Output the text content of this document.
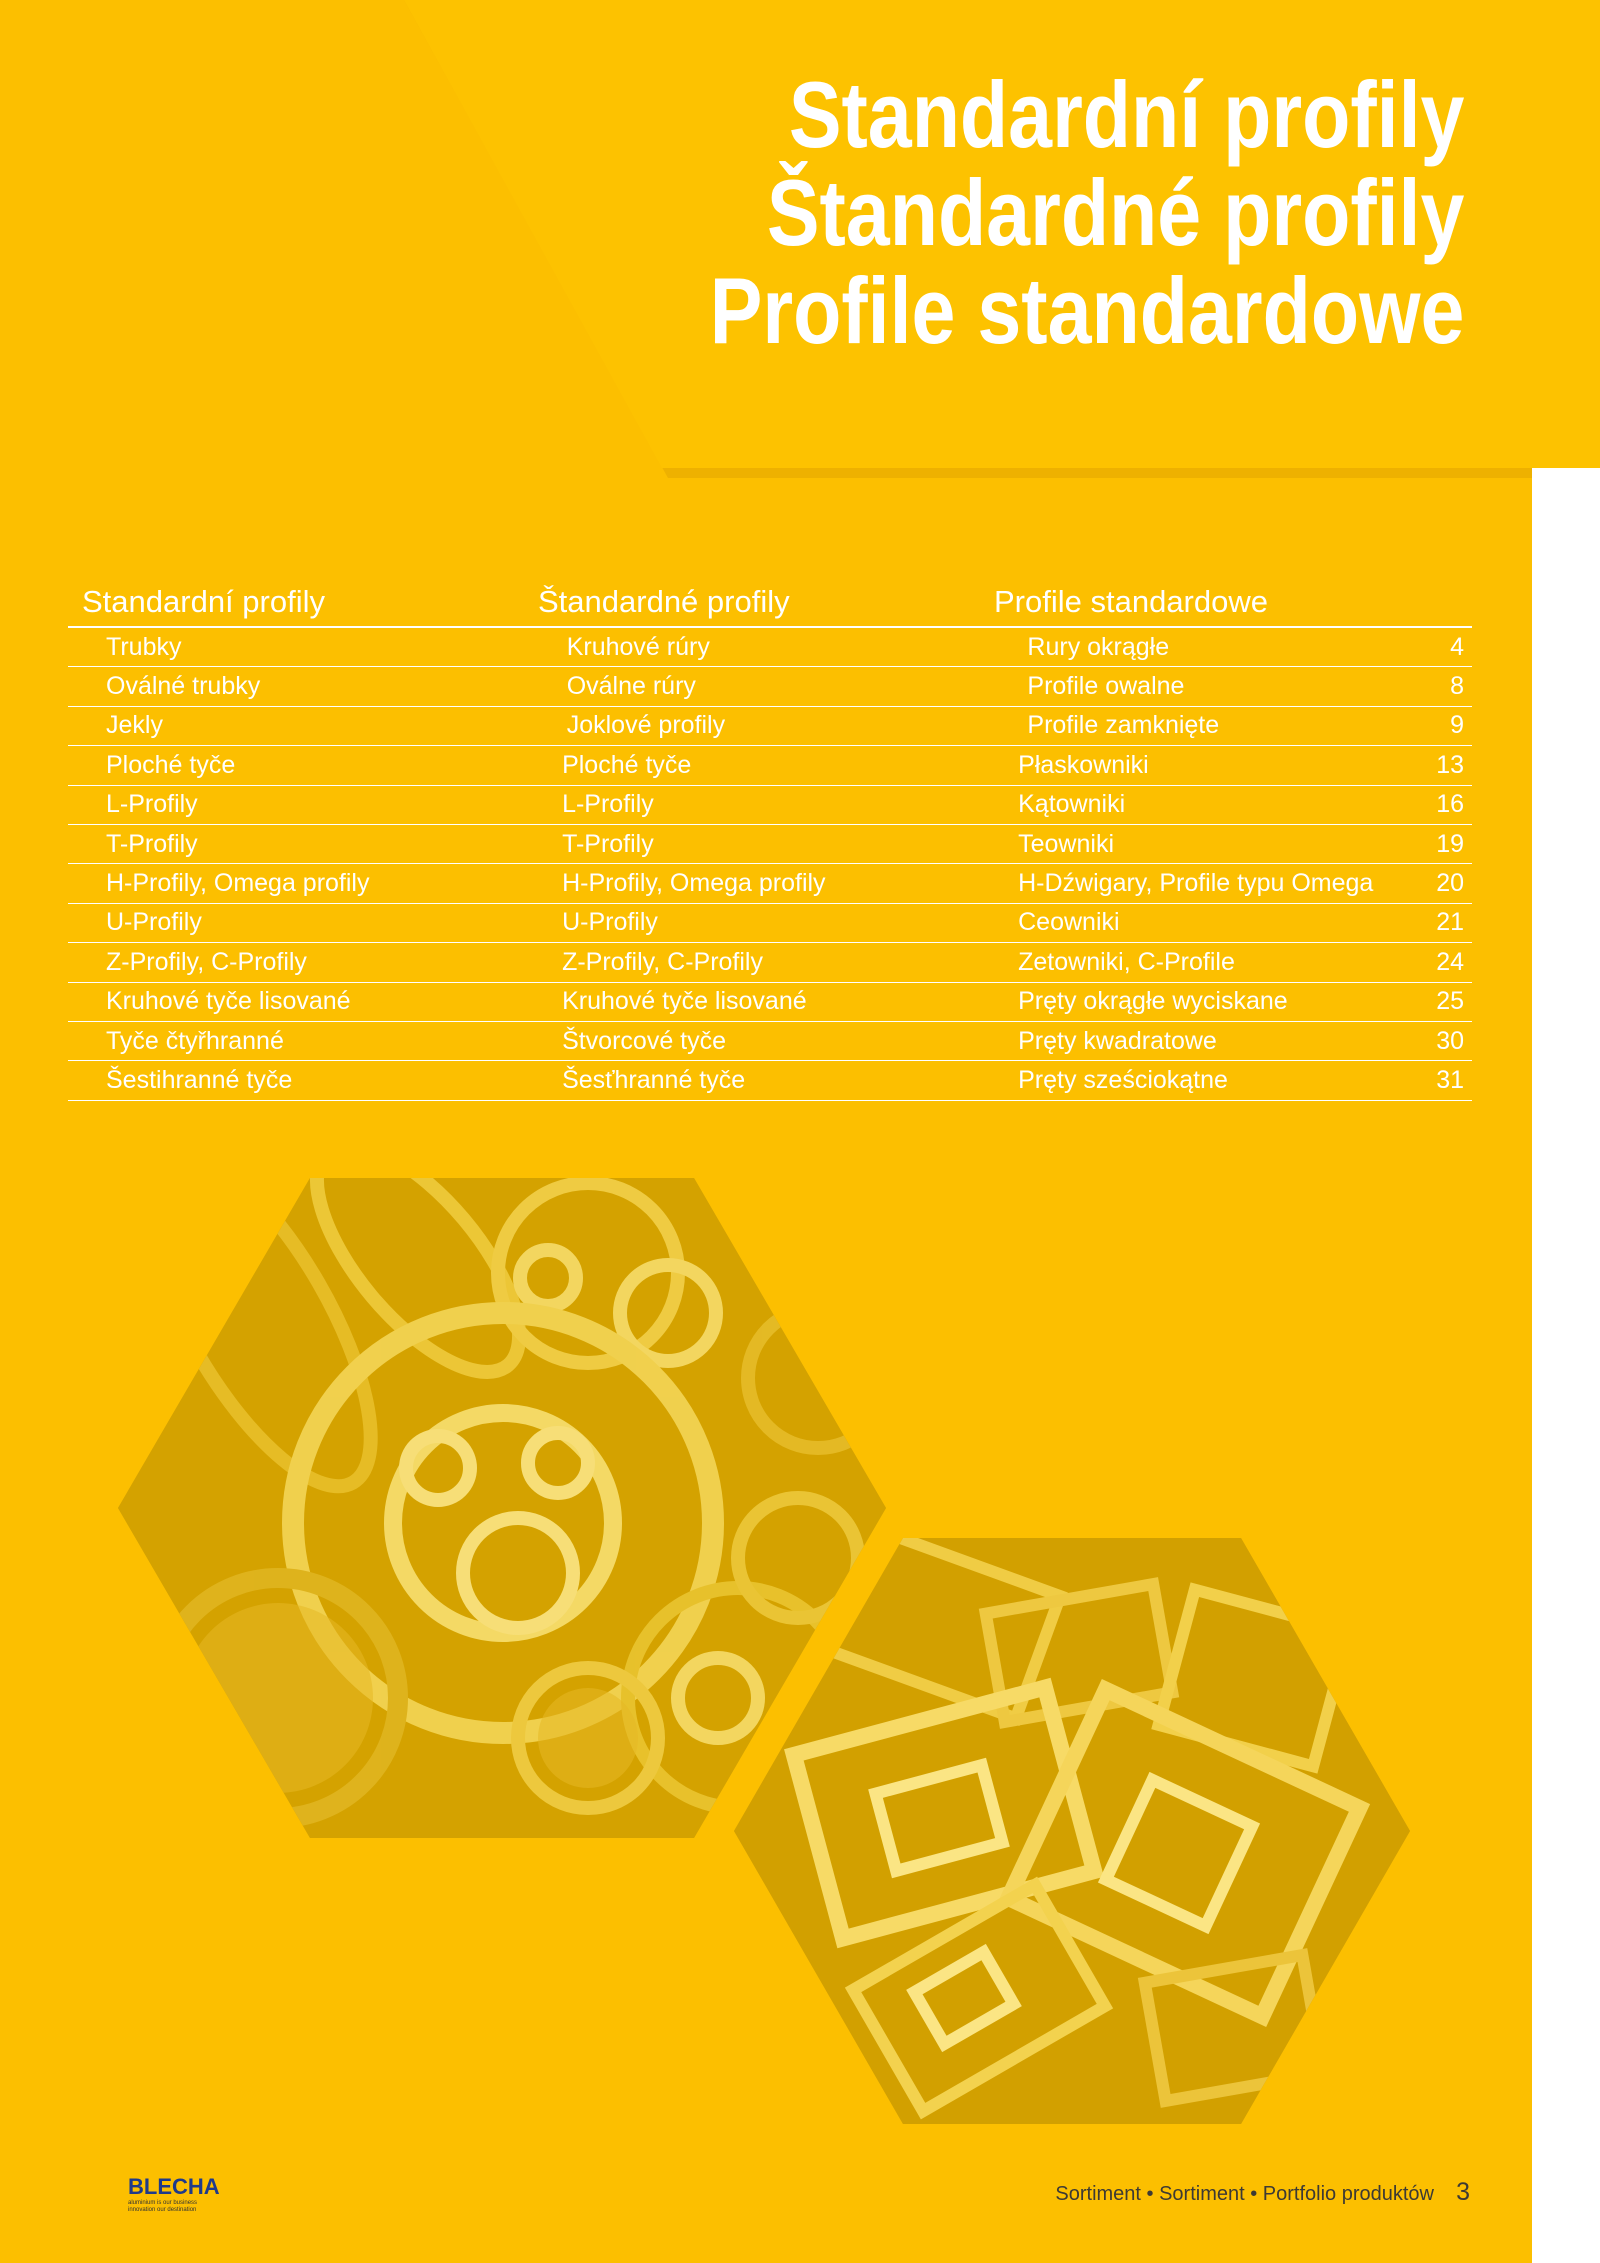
Standardní profily
Štandardné profily
Profile standardowe
Standardní profily	Štandardné profily	Profile standardowe
Trubky	Kruhové rúry	Rury okrągłe	4
Oválné trubky	Oválne rúry	Profile owalne	8
Jekly	Joklové profily	Profile zamknięte	9
Ploché tyče	Ploché tyče	Płaskowniki	13
L-Profily	L-Profily	Kątowniki	16
T-Profily	T-Profily	Teowniki	19
H-Profily, Omega profily	H-Profily, Omega profily	H-Dźwigary, Profile typu Omega	20
U-Profily	U-Profily	Ceowniki	21
Z-Profily, C-Profily	Z-Profily, C-Profily	Zetowniki, C-Profile	24
Kruhové tyče lisované	Kruhové tyče lisované	Pręty okrągłe wyciskane	25
Tyče čtyřhranné	Štvorcové tyče	Pręty kwadratowe	30
Šestihranné tyče	Šesťhranné tyče	Pręty sześciokątne	31
BLECHA
aluminium is our business
innovation our destination
Sortiment • Sortiment • Portfolio produktów 3
